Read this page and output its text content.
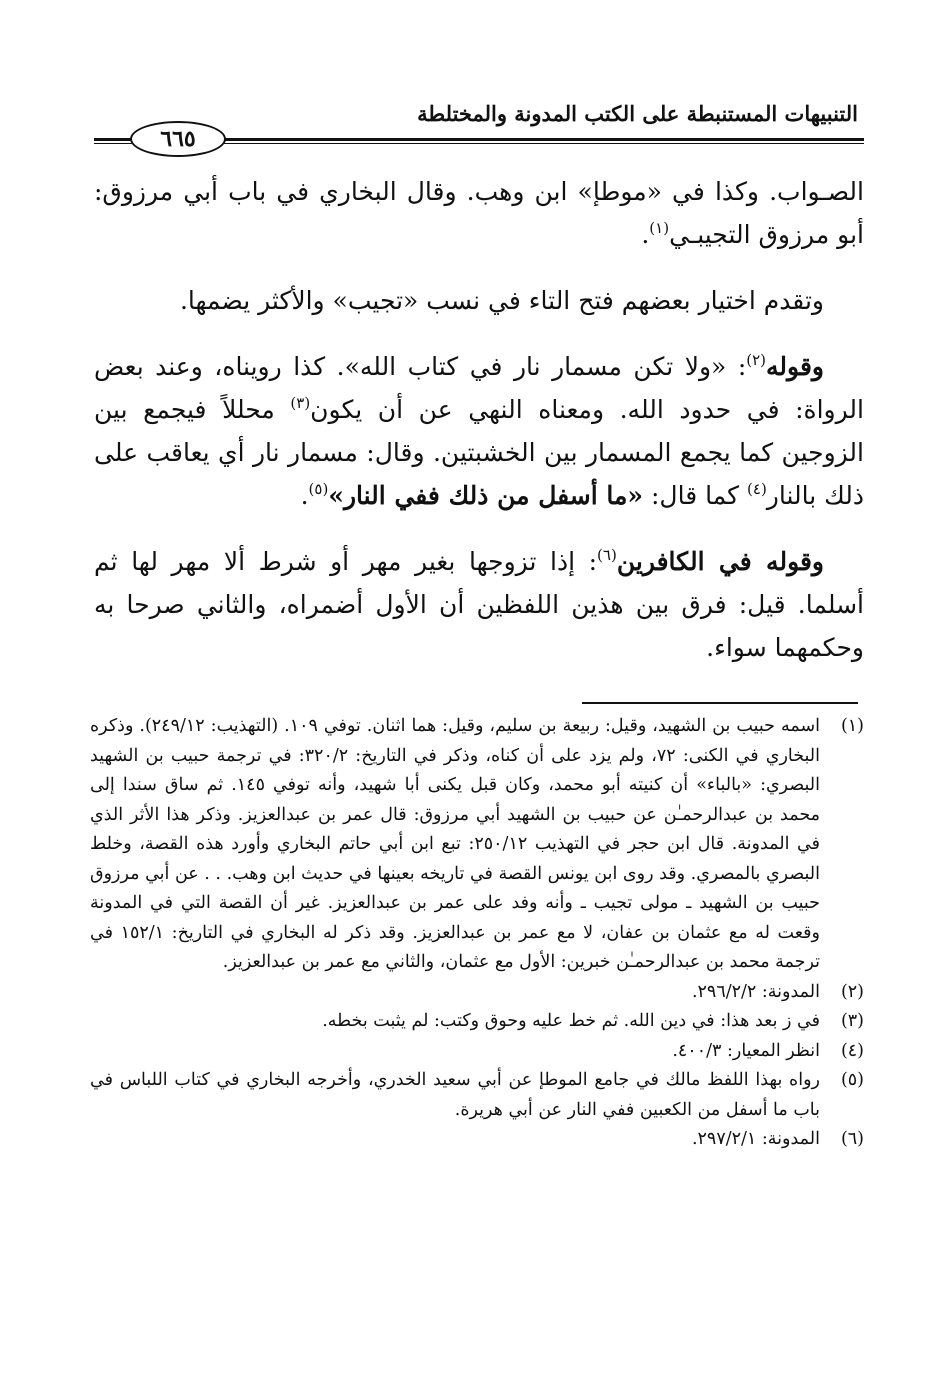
التنبيهات المستنبطة على الكتب المدونة والمختلطة
٦٦٥

الصـواب. وكذا في «موطإ» ابن وهب. وقال البخاري في باب أبي مرزوق: أبو مرزوق التجيبـي$^{(١)}$.

وتقدم اختيار بعضهم فتح التاء في نسب «تجيب» والأكثر يضمها.

وقوله$^{(٢)}$: «ولا تكن مسمار نار في كتاب الله». كذا رويناه، وعند بعض الرواة: في حدود الله. ومعناه النهي عن أن يكون$^{(٣)}$ محللاً فيجمع بين الزوجين كما يجمع المسمار بين الخشبتين. وقال: مسمار نار أي يعاقب على ذلك بالنار$^{(٤)}$ كما قال: «ما أسفل من ذلك ففي النار»$^{(٥)}$.

وقوله في الكافرين$^{(٦)}$: إذا تزوجها بغير مهر أو شرط ألا مهر لها ثم أسلما. قيل: فرق بين هذين اللفظين أن الأول أضمراه، والثاني صرحا به وحكمهما سواء.

(١)
اسمه حبيب بن الشهيد، وقيل: ربيعة بن سليم، وقيل: هما اثنان. توفي ١٠٩. (التهذيب: ٢٤٩/١٢). وذكره البخاري في الكنى: ٧٢، ولم يزد على أن كناه، وذكر في التاريخ: ٣٢٠/٢: في ترجمة حبيب بن الشهيد البصري: «بالباء» أن كنيته أبو محمد، وكان قبل يكنى أبا شهيد، وأنه توفي ١٤٥. ثم ساق سندا إلى محمد بن عبدالرحمـٰن عن حبيب بن الشهيد أبي مرزوق: قال عمر بن عبدالعزيز. وذكر هذا الأثر الذي في المدونة. قال ابن حجر في التهذيب ٢٥٠/١٢: تبع ابن أبي حاتم البخاري وأورد هذه القصة، وخلط البصري بالمصري. وقد روى ابن يونس القصة في تاريخه بعينها في حديث ابن وهب. . . عن أبي مرزوق حبيب بن الشهيد ـ مولى تجيب ـ وأنه وفد على عمر بن عبدالعزيز. غير أن القصة التي في المدونة وقعت له مع عثمان بن عفان، لا مع عمر بن عبدالعزيز. وقد ذكر له البخاري في التاريخ: ١٥٢/١ في ترجمة محمد بن عبدالرحمـٰن خبرين: الأول مع عثمان، والثاني مع عمر بن عبدالعزيز.
(٢)
المدونة: ٢٩٦/٢/٢.
(٣)
في ز بعد هذا: في دين الله. ثم خط عليه وحوق وكتب: لم يثبت بخطه.
(٤)
انظر المعيار: ٤٠٠/٣.
(٥)
رواه بهذا اللفظ مالك في جامع الموطإ عن أبي سعيد الخدري، وأخرجه البخاري في كتاب اللباس في باب ما أسفل من الكعبين ففي النار عن أبي هريرة.
(٦)
المدونة: ٢٩٧/٢/١.
